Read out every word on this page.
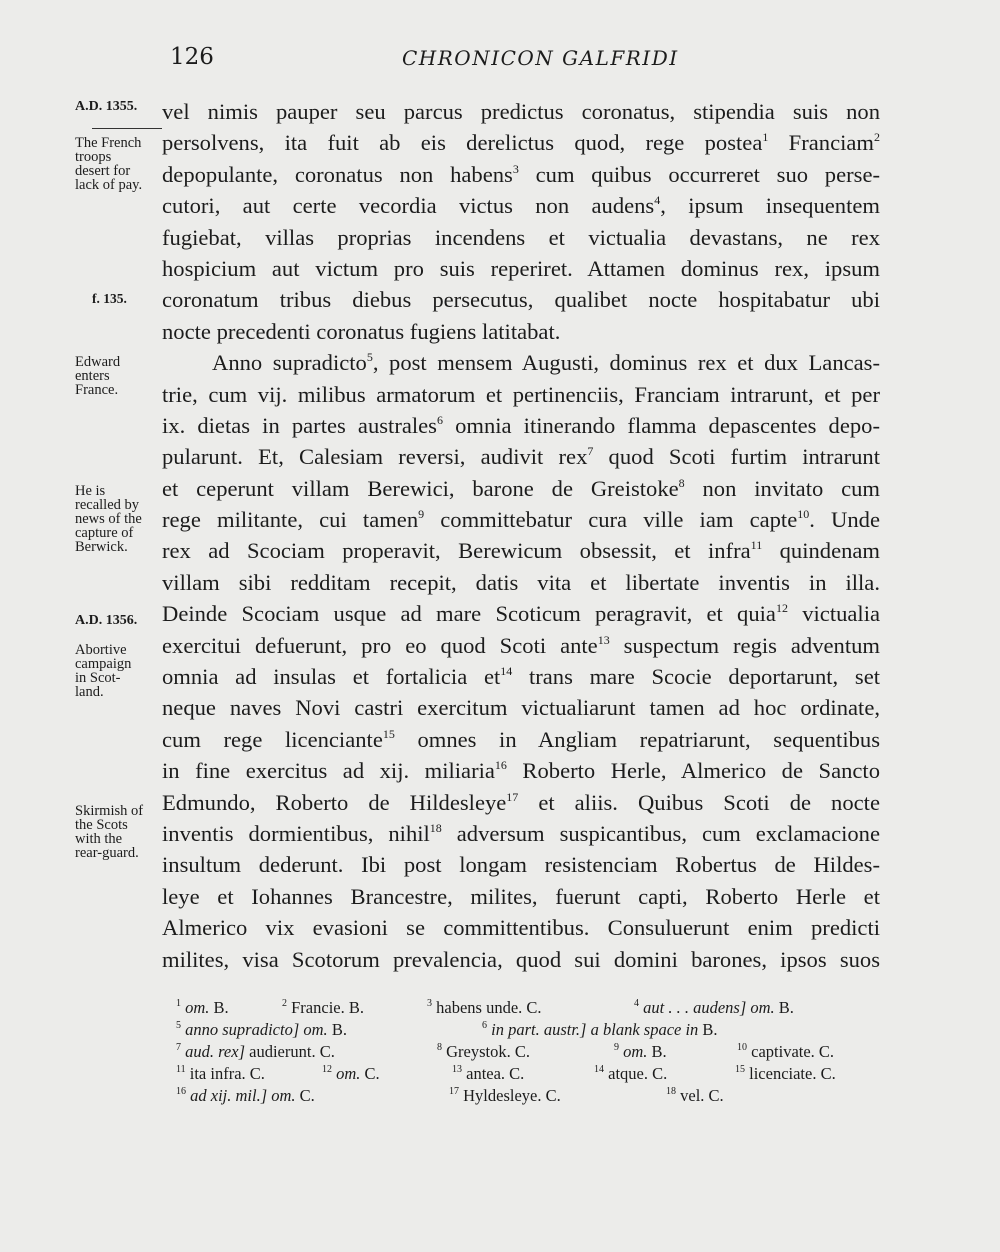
126	CHRONICON GALFRIDI
A.D. 1355.
The French
troops
desert for
lack of pay.
f. 135.
Edward
enters
France.
He is
recalled by
news of the
capture of
Berwick.
A.D. 1356.
Abortive
campaign
in Scot-
land.
Skirmish of
the Scots
with the
rear-guard.
vel nimis pauper seu parcus predictus coronatus, stipendia suis non
persolvens, ita fuit ab eis derelictus quod, rege postea$^1$ Franciam$^2$
depopulante, coronatus non habens$^3$ cum quibus occurreret suo perse-
cutori, aut certe vecordia victus non audens$^4$, ipsum insequentem
fugiebat, villas proprias incendens et victualia devastans, ne rex
hospicium aut victum pro suis reperiret. Attamen dominus rex, ipsum
coronatum tribus diebus persecutus, qualibet nocte hospitabatur ubi
nocte precedenti coronatus fugiens latitabat.
Anno supradicto$^5$, post mensem Augusti, dominus rex et dux Lancas-
trie, cum vij. milibus armatorum et pertinenciis, Franciam intrarunt, et per
ix. dietas in partes australes$^6$ omnia itinerando flamma depascentes depo-
pularunt. Et, Calesiam reversi, audivit rex$^7$ quod Scoti furtim intrarunt
et ceperunt villam Berewici, barone de Greistoke$^8$ non invitato cum
rege militante, cui tamen$^9$ committebatur cura ville iam capte$^{10}$. Unde
rex ad Scociam properavit, Berewicum obsessit, et infra$^{11}$ quindenam
villam sibi redditam recepit, datis vita et libertate inventis in illa.
Deinde Scociam usque ad mare Scoticum peragravit, et quia$^{12}$ victualia
exercitui defuerunt, pro eo quod Scoti ante$^{13}$ suspectum regis adventum
omnia ad insulas et fortalicia $et^{14}$ trans mare Scocie deportarunt, set
neque naves Novi castri exercitum victualiarunt tamen ad hoc ordinate,
cum rege licenciante$^{15}$ omnes in Angliam repatriarunt, sequentibus
in fine exercitus ad xij. miliaria$^{16}$ Roberto Herle, Almerico de Sancto
Edmundo, Roberto de Hildesleye$^{17}$ et aliis. Quibus Scoti de nocte
inventis dormientibus, nihil$^{18}$ adversum suspicantibus, cum exclamacione
insultum dederunt. Ibi post longam resistenciam Robertus de Hildes-
leye et Iohannes Brancestre, milites, fuerunt capti, Roberto Herle et
Almerico vix evasioni se committentibus. Consuluerunt enim predicti
milites, visa Scotorum prevalencia, quod sui domini barones, ipsos suos
$^1$ om. B.	$^2$ Francie. B.	$^3$ habens unde. C.	$^4$ aut . . . audens] om. B.
$^5$ anno supradicto] om. B.	$^6$ in part. austr.] a blank space in B.
$^7$ aud. rex] audierunt. C.	$^8$ Greystok. C.	$^9$ om. B.	$^{10}$ captivate. C.
$^{11}$ ita infra. C.	$^{12}$ om. C.	$^{13}$ antea. C.	$^{14}$ atque. C.	$^{15}$ licenciate. C.
$^{16}$ ad xij. mil.] om. C.	$^{17}$ Hyldesleye. C.	$^{18}$ vel. C.
